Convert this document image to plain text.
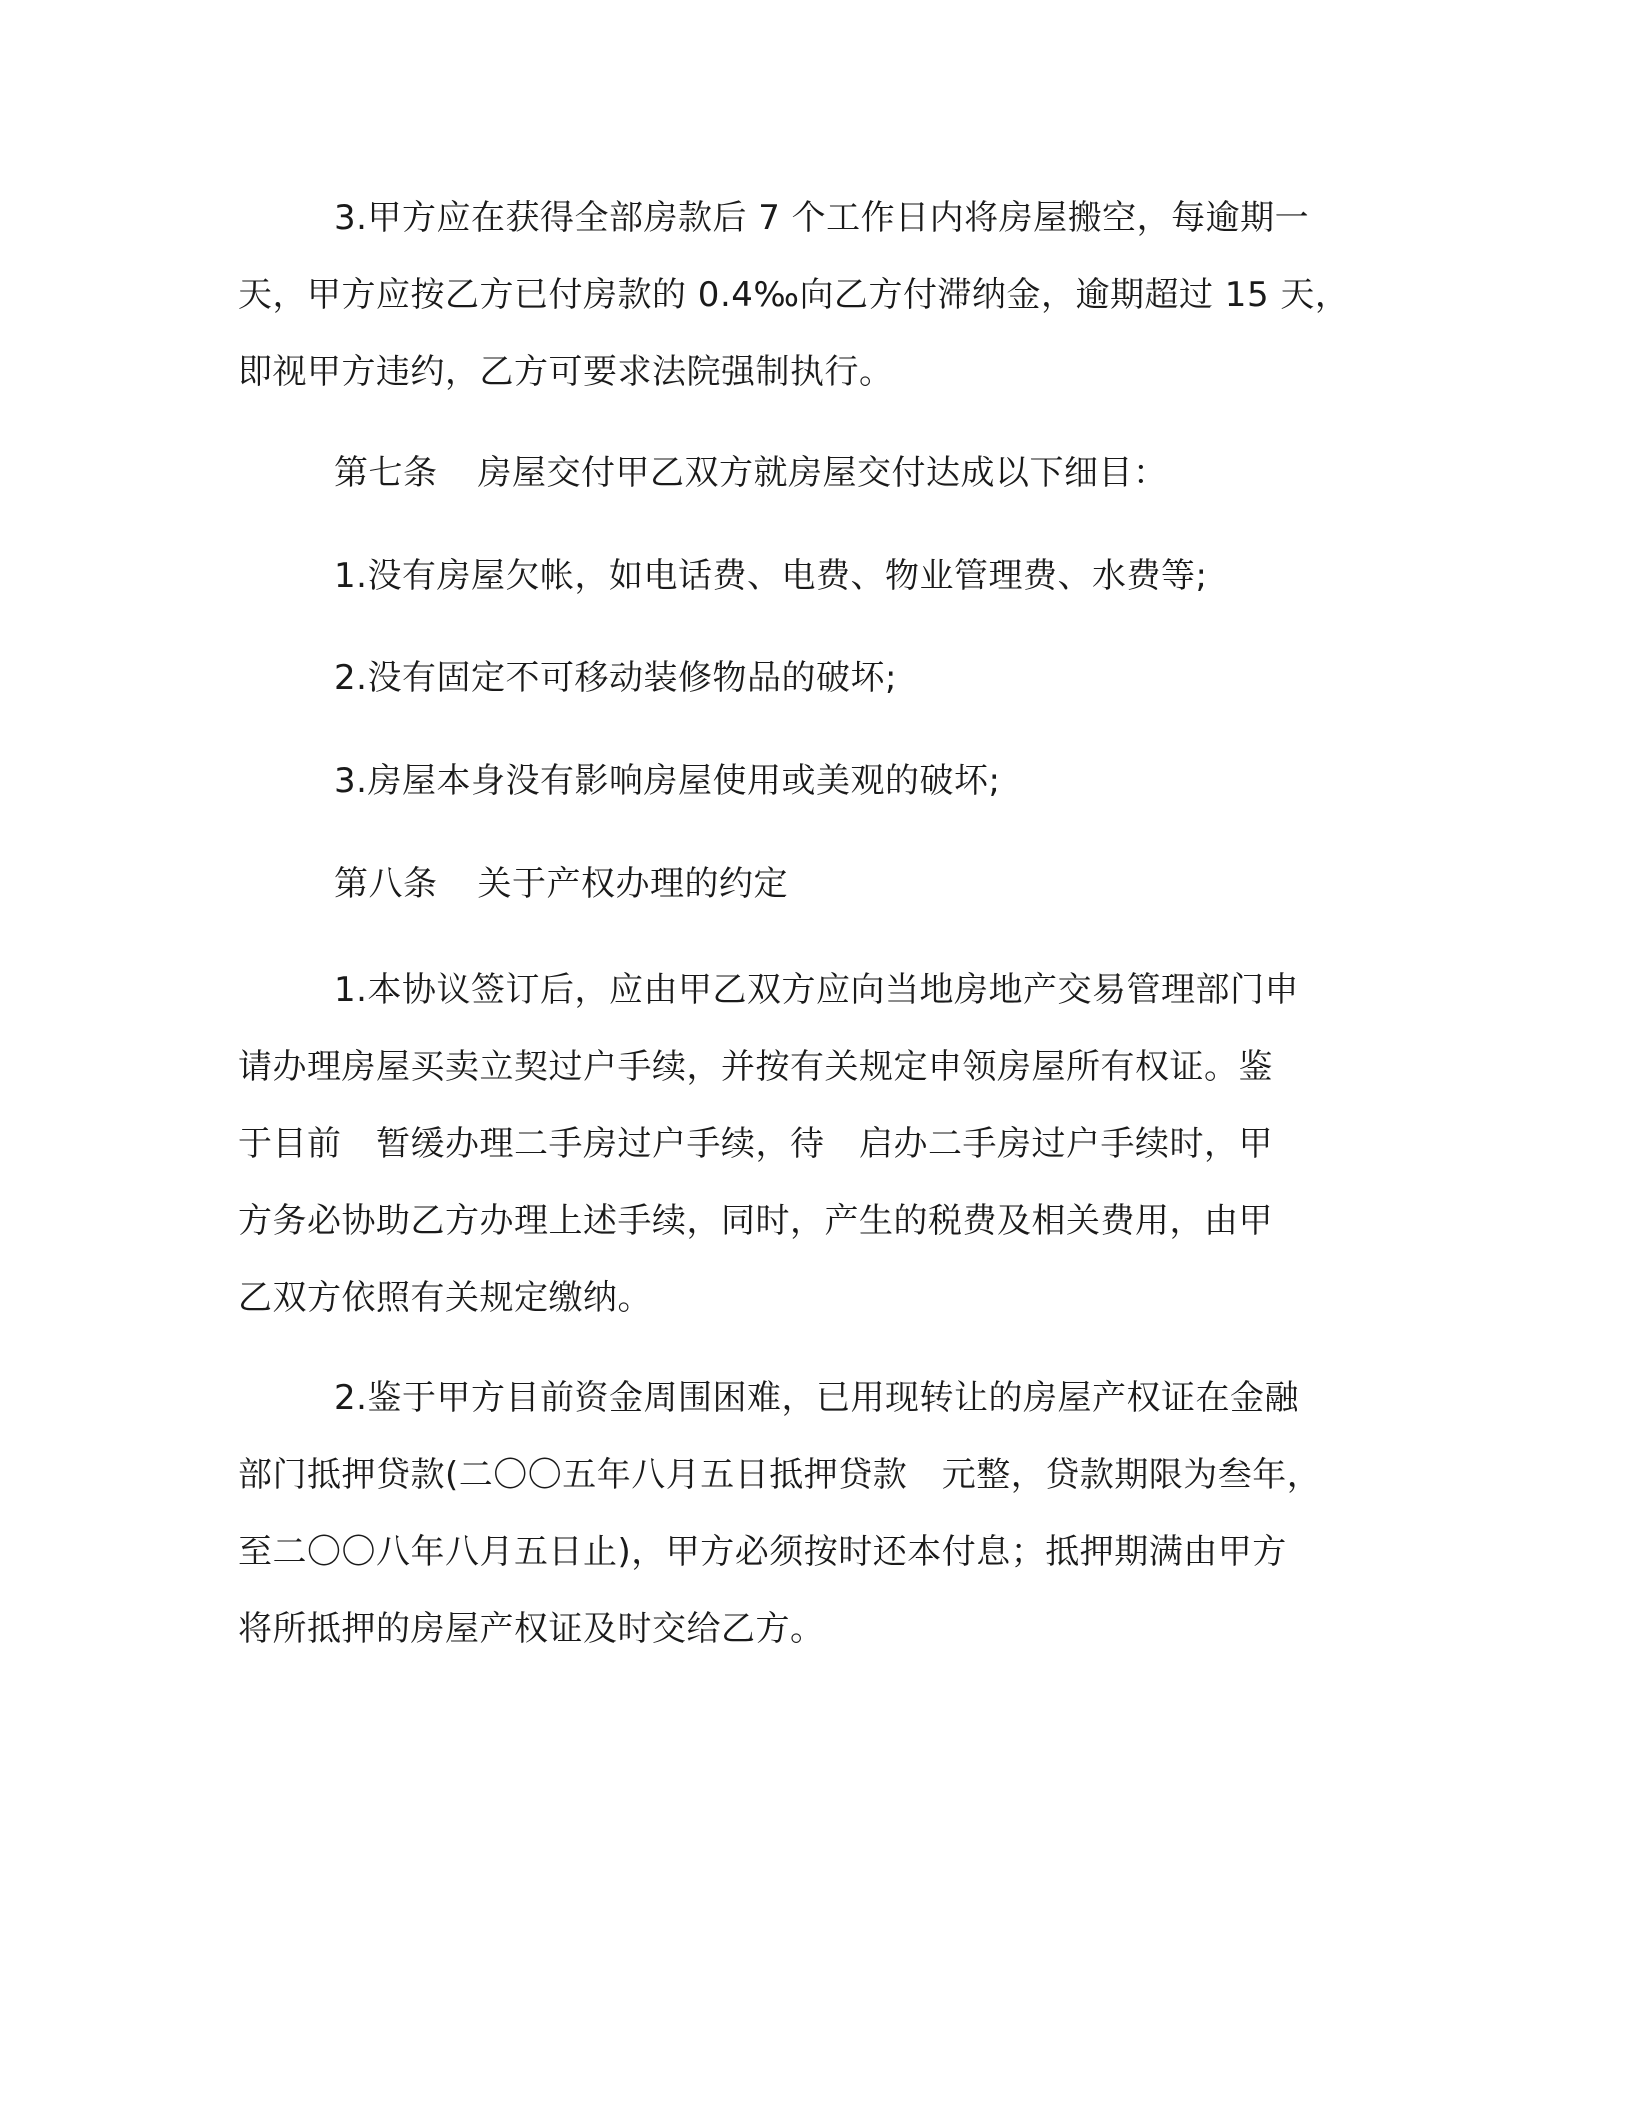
3.甲方应在获得全部房款后 7 个工作日内将房屋搬空，每逾期一
天，甲方应按乙方已付房款的 0.4‰向乙方付滞纳金，逾期超过 15 天，
即视甲方违约，乙方可要求法院强制执行。
第七条 房屋交付甲乙双方就房屋交付达成以下细目：
1.没有房屋欠帐，如电话费、电费、物业管理费、水费等;
2.没有固定不可移动装修物品的破坏;
3.房屋本身没有影响房屋使用或美观的破坏;
第八条 关于产权办理的约定
1.本协议签订后，应由甲乙双方应向当地房地产交易管理部门申
请办理房屋买卖立契过户手续，并按有关规定申领房屋所有权证。鉴
于目前　暂缓办理二手房过户手续，待　启办二手房过户手续时，甲
方务必协助乙方办理上述手续，同时，产生的税费及相关费用，由甲
乙双方依照有关规定缴纳。
2.鉴于甲方目前资金周围困难，已用现转让的房屋产权证在金融
部门抵押贷款(二〇〇五年八月五日抵押贷款　元整，贷款期限为叁年，
至二〇〇八年八月五日止)，甲方必须按时还本付息；抵押期满由甲方
将所抵押的房屋产权证及时交给乙方。
